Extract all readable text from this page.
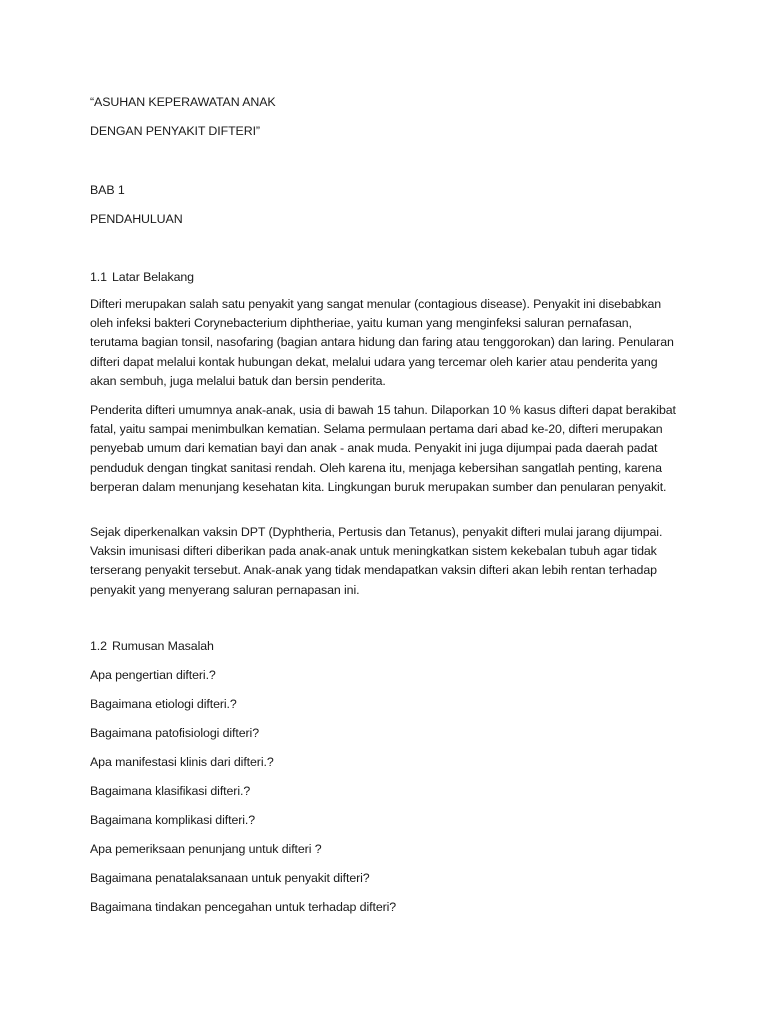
“ASUHAN KEPERAWATAN ANAK
DENGAN PENYAKIT DIFTERI”
BAB 1
PENDAHULUAN
1.1 Latar Belakang

Difteri merupakan salah satu penyakit yang sangat menular (contagious disease). Penyakit ini disebabkan oleh infeksi bakteri Corynebacterium diphtheriae, yaitu kuman yang menginfeksi saluran pernafasan, terutama bagian tonsil, nasofaring (bagian antara hidung dan faring atau tenggorokan) dan laring. Penularan difteri dapat melalui kontak hubungan dekat, melalui udara yang tercemar oleh karier atau penderita yang akan sembuh, juga melalui batuk dan bersin penderita.

Penderita difteri umumnya anak-anak, usia di bawah 15 tahun. Dilaporkan 10 % kasus difteri dapat berakibat fatal, yaitu sampai menimbulkan kematian. Selama permulaan pertama dari abad ke-20, difteri merupakan penyebab umum dari kematian bayi dan anak - anak muda. Penyakit ini juga dijumpai pada daerah padat penduduk dengan tingkat sanitasi rendah. Oleh karena itu, menjaga kebersihan sangatlah penting, karena berperan dalam menunjang kesehatan kita. Lingkungan buruk merupakan sumber dan penularan penyakit.

Sejak diperkenalkan vaksin DPT (Dyphtheria, Pertusis dan Tetanus), penyakit difteri mulai jarang dijumpai. Vaksin imunisasi difteri diberikan pada anak-anak untuk meningkatkan sistem kekebalan tubuh agar tidak terserang penyakit tersebut. Anak-anak yang tidak mendapatkan vaksin difteri akan lebih rentan terhadap penyakit yang menyerang saluran pernapasan ini.

1.2 Rumusan Masalah
Apa pengertian difteri.?
Bagaimana etiologi difteri.?
Bagaimana patofisiologi difteri?
Apa manifestasi klinis dari difteri.?
Bagaimana klasifikasi difteri.?
Bagaimana komplikasi difteri.?
Apa pemeriksaan penunjang untuk difteri ?
Bagaimana penatalaksanaan untuk penyakit difteri?
Bagaimana tindakan pencegahan untuk terhadap difteri?
